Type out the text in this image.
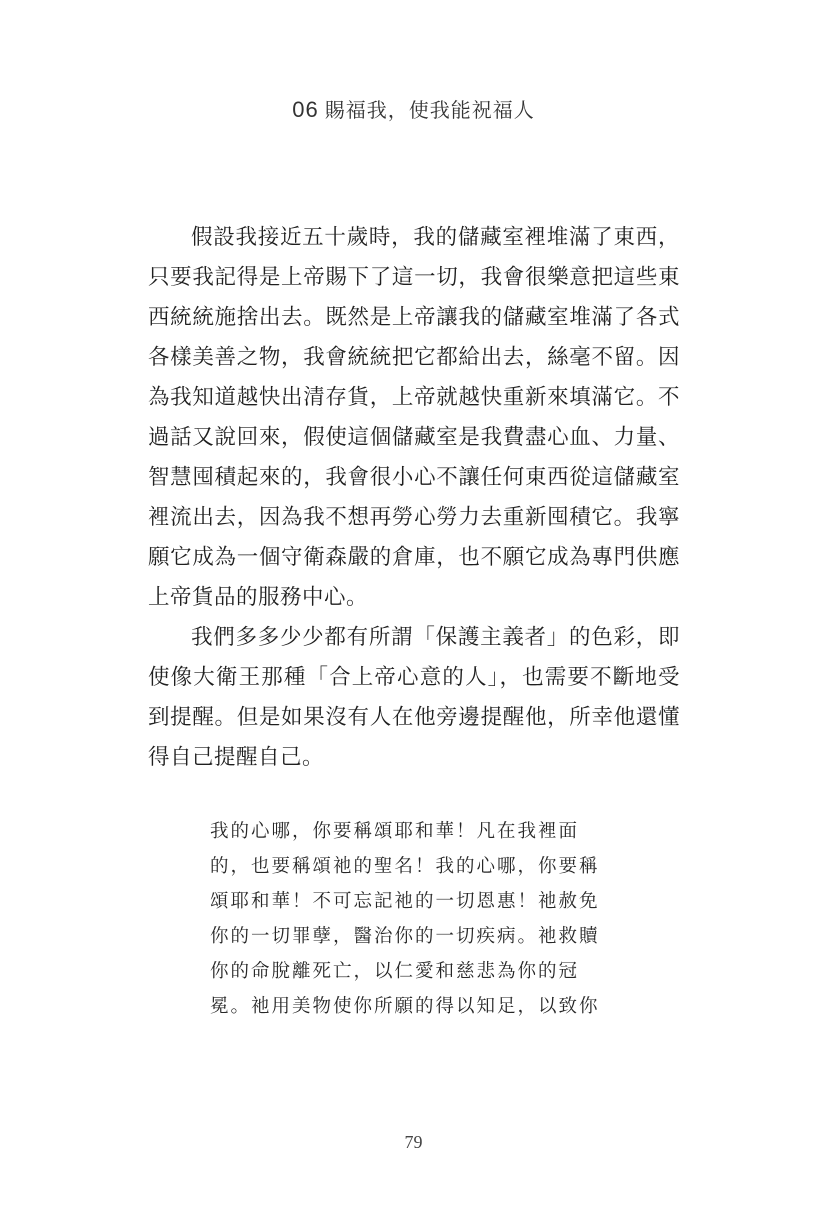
06 賜福我，使我能祝福人

假設我接近五十歲時，我的儲藏室裡堆滿了東西，只要我記得是上帝賜下了這一切，我會很樂意把這些東西統統施捨出去。既然是上帝讓我的儲藏室堆滿了各式各樣美善之物，我會統統把它都給出去，絲毫不留。因為我知道越快出清存貨，上帝就越快重新來填滿它。不過話又說回來，假使這個儲藏室是我費盡心血、力量、智慧囤積起來的，我會很小心不讓任何東西從這儲藏室裡流出去，因為我不想再勞心勞力去重新囤積它。我寧願它成為一個守衛森嚴的倉庫，也不願它成為專門供應上帝貨品的服務中心。

我們多多少少都有所謂「保護主義者」的色彩，即使像大衛王那種「合上帝心意的人」，也需要不斷地受到提醒。但是如果沒有人在他旁邊提醒他，所幸他還懂得自己提醒自己。

我的心哪，你要稱頌耶和華！凡在我裡面
的，也要稱頌祂的聖名！我的心哪，你要稱
頌耶和華！不可忘記祂的一切恩惠！祂赦免
你的一切罪孽，醫治你的一切疾病。祂救贖
你的命脫離死亡，以仁愛和慈悲為你的冠
冕。祂用美物使你所願的得以知足，以致你
79
